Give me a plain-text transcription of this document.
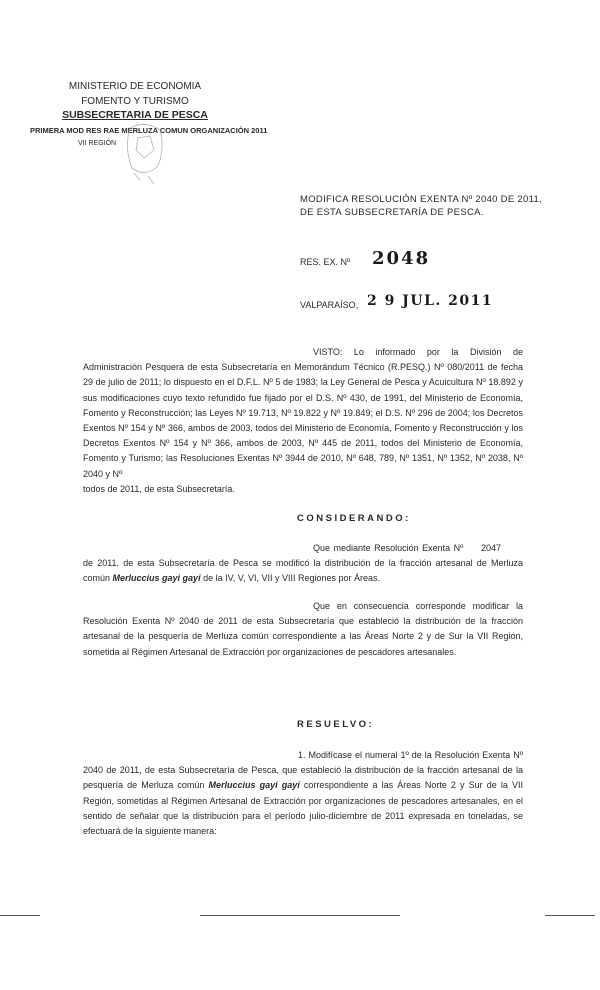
MINISTERIO DE ECONOMIA
FOMENTO Y TURISMO
SUBSECRETARIA DE PESCA
PRIMERA MOD RES RAE MERLUZA COMUN ORGANIZACIÓN 2011
VII REGIÓN
MODIFICA RESOLUCIÓN EXENTA Nº 2040 DE 2011,
DE ESTA SUBSECRETARÍA DE PESCA.
RES. EX. Nº 2048
VALPARAÍSO, 2 9 JUL. 2011

VISTO: Lo informado por la División de Administración Pesquera de esta Subsecretaría en Memorándum Técnico (R.PESQ.) Nº 080/2011 de fecha 29 de julio de 2011; lo dispuesto en el D.F.L. Nº 5 de 1983; la Ley General de Pesca y Acuicultura Nº 18.892 y sus modificaciones cuyo texto refundido fue fijado por el D.S. Nº 430, de 1991, del Ministerio de Economía, Fomento y Reconstrucción; las Leyes Nº 19.713, Nº 19.822 y Nº 19.849; el D.S. Nº 296 de 2004; los Decretos Exentos Nº 154 y Nº 366, ambos de 2003, todos del Ministerio de Economía, Fomento y Reconstrucción y los Decretos Exentos Nº 154 y Nº 366, ambos de 2003, Nº 445 de 2011, todos del Ministerio de Economía, Fomento y Turismo; las Resoluciones Exentas Nº 3944 de 2010, Nº 648, 789, Nº 1351, Nº 1352, Nº 2038, Nº 2040 y Nº

todos de 2011, de esta Subsecretaría.

CONSIDERANDO:

Que mediante Resolución Exenta Nº 2047 de 2011, de esta Subsecretaría de Pesca se modificó la distribución de la fracción artesanal de Merluza común Merluccius gayi gayi de la IV, V, VI, VII y VIII Regiones por Áreas.

Que en consecuencia corresponde modificar la Resolución Exenta Nº 2040 de 2011 de esta Subsecretaría que estableció la distribución de la fracción artesanal de la pesquería de Merluza común correspondiente a las Áreas Norte 2 y de Sur la VII Región, sometida al Régimen Artesanal de Extracción por organizaciones de pescadores artesanales.

RESUELVO:

1. Modifícase el numeral 1º de la Resolución Exenta Nº 2040 de 2011, de esta Subsecretaría de Pesca, que estableció la distribución de la fracción artesanal de la pesquería de Merluza común Merluccius gayi gayi correspondiente a las Áreas Norte 2 y Sur de la VII Región, sometidas al Régimen Artesanal de Extracción por organizaciones de pescadores artesanales, en el sentido de señalar que la distribución para el período julio-diciembre de 2011 expresada en toneladas, se efectuará de la siguiente manera:
